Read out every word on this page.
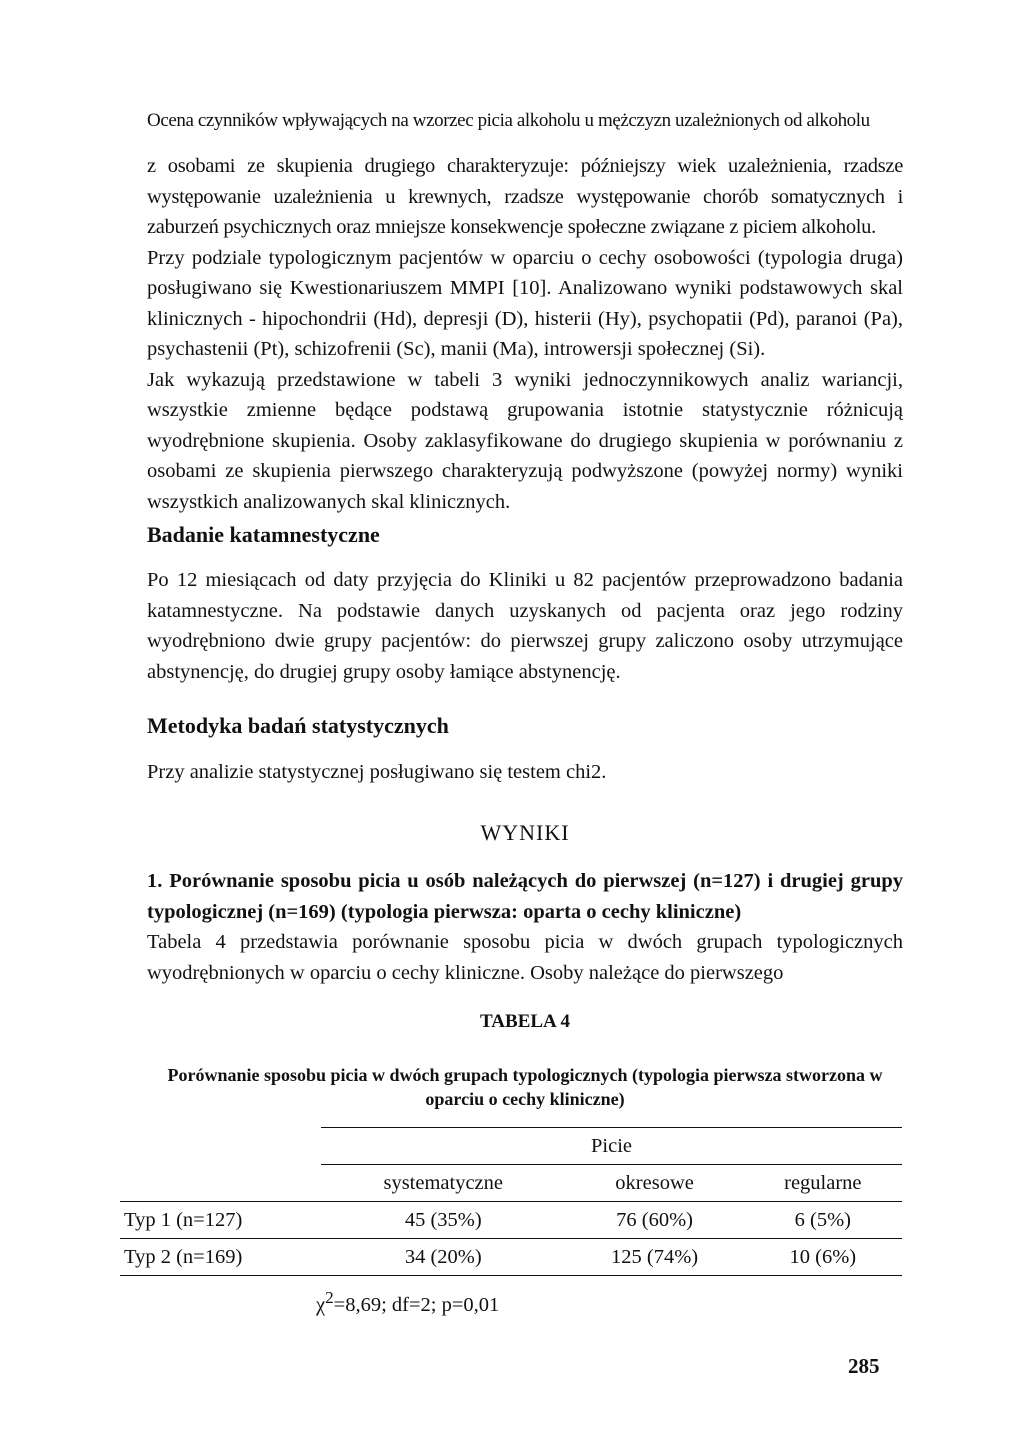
Ocena czynników wpływających na wzorzec picia alkoholu u mężczyzn uzależnionych od alkoholu

z osobami ze skupienia drugiego charakteryzuje: późniejszy wiek uzależnienia, rzadsze występowanie uzależnienia u krewnych, rzadsze występowanie chorób somatycznych i zaburzeń psychicznych oraz mniejsze konsekwencje społeczne związane z piciem alkoholu.

Przy podziale typologicznym pacjentów w oparciu o cechy osobowości (typologia druga) posługiwano się Kwestionariuszem MMPI [10]. Analizowano wyniki podstawowych skal klinicznych - hipochondrii (Hd), depresji (D), histerii (Hy), psychopatii (Pd), paranoi (Pa), psychastenii (Pt), schizofrenii (Sc), manii (Ma), introwersji społecznej (Si).

Jak wykazują przedstawione w tabeli 3 wyniki jednoczynnikowych analiz wariancji, wszystkie zmienne będące podstawą grupowania istotnie statystycznie różnicują wyodrębnione skupienia. Osoby zaklasyfikowane do drugiego skupienia w porównaniu z osobami ze skupienia pierwszego charakteryzują podwyższone (powyżej normy) wyniki wszystkich analizowanych skal klinicznych.

Badanie katamnestyczne

Po 12 miesiącach od daty przyjęcia do Kliniki u 82 pacjentów przeprowadzono badania katamnestyczne. Na podstawie danych uzyskanych od pacjenta oraz jego rodziny wyodrębniono dwie grupy pacjentów: do pierwszej grupy zaliczono osoby utrzymujące abstynencję, do drugiej grupy osoby łamiące abstynencję.

Metodyka badań statystycznych

Przy analizie statystycznej posługiwano się testem chi2.

WYNIKI
1. Porównanie sposobu picia u osób należących do pierwszej (n=127) i drugiej grupy typologicznej (n=169) (typologia pierwsza: oparta o cechy kliniczne)

Tabela 4 przedstawia porównanie sposobu picia w dwóch grupach typologicznych wyodrębnionych w oparciu o cechy kliniczne. Osoby należące do pierwszego

TABELA 4
Porównanie sposobu picia w dwóch grupach typologicznych (typologia pierwsza stworzona w oparciu o cechy kliniczne)
	Picie		
	systematyczne	okresowe	regularne
Typ 1 (n=127)	45 (35%)	76 (60%)	6 (5%)
Typ 2 (n=169)	34 (20%)	125 (74%)	10 (6%)
$\chi^2=8,69$; df=2; p=0,01
285
